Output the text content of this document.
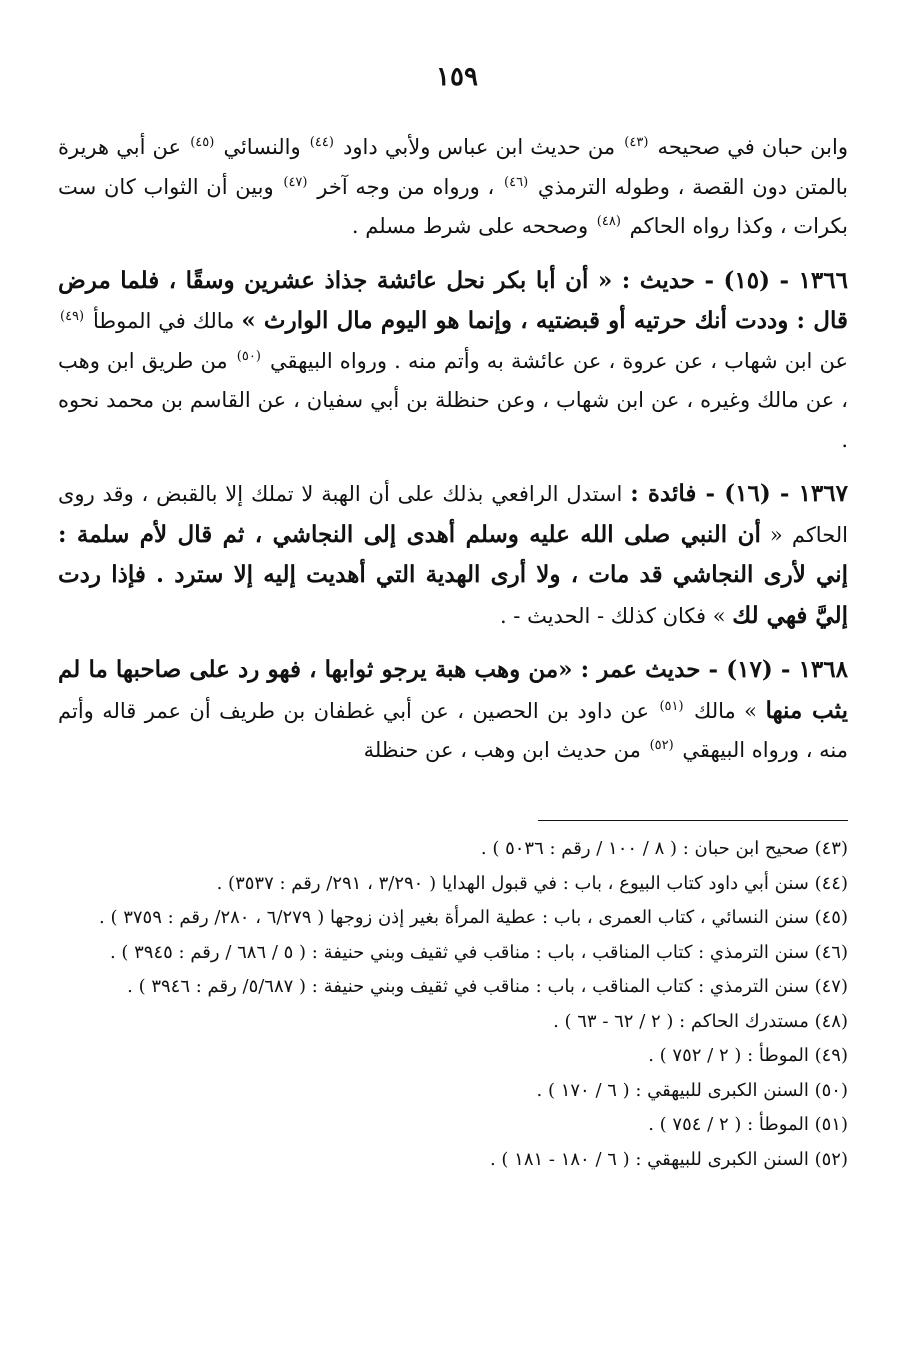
١٥٩

وابن حبان في صحيحه $^{(٤٣)}$ من حديث ابن عباس ولأبي داود $^{(٤٤)}$ والنسائي $^{(٤٥)}$ عن أبي هريرة بالمتن دون القصة ، وطوله الترمذي $^{(٤٦)}$ ، ورواه من وجه آخر $^{(٤٧)}$ وبين أن الثواب كان ست بكرات ، وكذا رواه الحاكم $^{(٤٨)}$ وصححه على شرط مسلم .

١٣٦٦ - (١٥) - حديث : « أن أبا بكر نحل عائشة جذاذ عشرين وسقًا ، فلما مرض قال : وددت أنك حرتيه أو قبضتيه ، وإنما هو اليوم مال الوارث » مالك في الموطأ $^{(٤٩)}$ عن ابن شهاب ، عن عروة ، عن عائشة به وأتم منه . ورواه البيهقي $^{(٥٠)}$ من طريق ابن وهب ، عن مالك وغيره ، عن ابن شهاب ، وعن حنظلة بن أبي سفيان ، عن القاسم بن محمد نحوه .

١٣٦٧ - (١٦) - فائدة : استدل الرافعي بذلك على أن الهبة لا تملك إلا بالقبض ، وقد روى الحاكم « أن النبي صلى الله عليه وسلم أهدى إلى النجاشي ، ثم قال لأم سلمة : إني لأرى النجاشي قد مات ، ولا أرى الهدية التي أهديت إليه إلا سترد . فإذا ردت إليَّ فهي لك » فكان كذلك - الحديث - .

١٣٦٨ - (١٧) - حديث عمر : «من وهب هبة يرجو ثوابها ، فهو رد على صاحبها ما لم يثب منها » مالك $^{(٥١)}$ عن داود بن الحصين ، عن أبي غطفان بن طريف أن عمر قاله وأتم منه ، ورواه البيهقي $^{(٥٢)}$ من حديث ابن وهب ، عن حنظلة

(٤٣) صحيح ابن حبان : ( ٨ / ١٠٠ / رقم : ٥٠٣٦ ) .

(٤٤) سنن أبي داود كتاب البيوع ، باب : في قبول الهدايا ( ٣/٢٩٠ ، ٢٩١/ رقم : ٣٥٣٧) .

(٤٥) سنن النسائي ، كتاب العمرى ، باب : عطية المرأة بغير إذن زوجها ( ٦/٢٧٩ ، ٢٨٠/ رقم : ٣٧٥٩ ) .

(٤٦) سنن الترمذي : كتاب المناقب ، باب : مناقب في ثقيف وبني حنيفة : ( ٥ / ٦٨٦ / رقم : ٣٩٤٥ ) .

(٤٧) سنن الترمذي : كتاب المناقب ، باب : مناقب في ثقيف وبني حنيفة : ( ٥/٦٨٧/ رقم : ٣٩٤٦ ) .

(٤٨) مستدرك الحاكم : ( ٢ / ٦٢ - ٦٣ ) .

(٤٩) الموطأ : ( ٢ / ٧٥٢ ) .

(٥٠) السنن الكبرى للبيهقي : ( ٦ / ١٧٠ ) .

(٥١) الموطأ : ( ٢ / ٧٥٤ ) .

(٥٢) السنن الكبرى للبيهقي : ( ٦ / ١٨٠ - ١٨١ ) .
